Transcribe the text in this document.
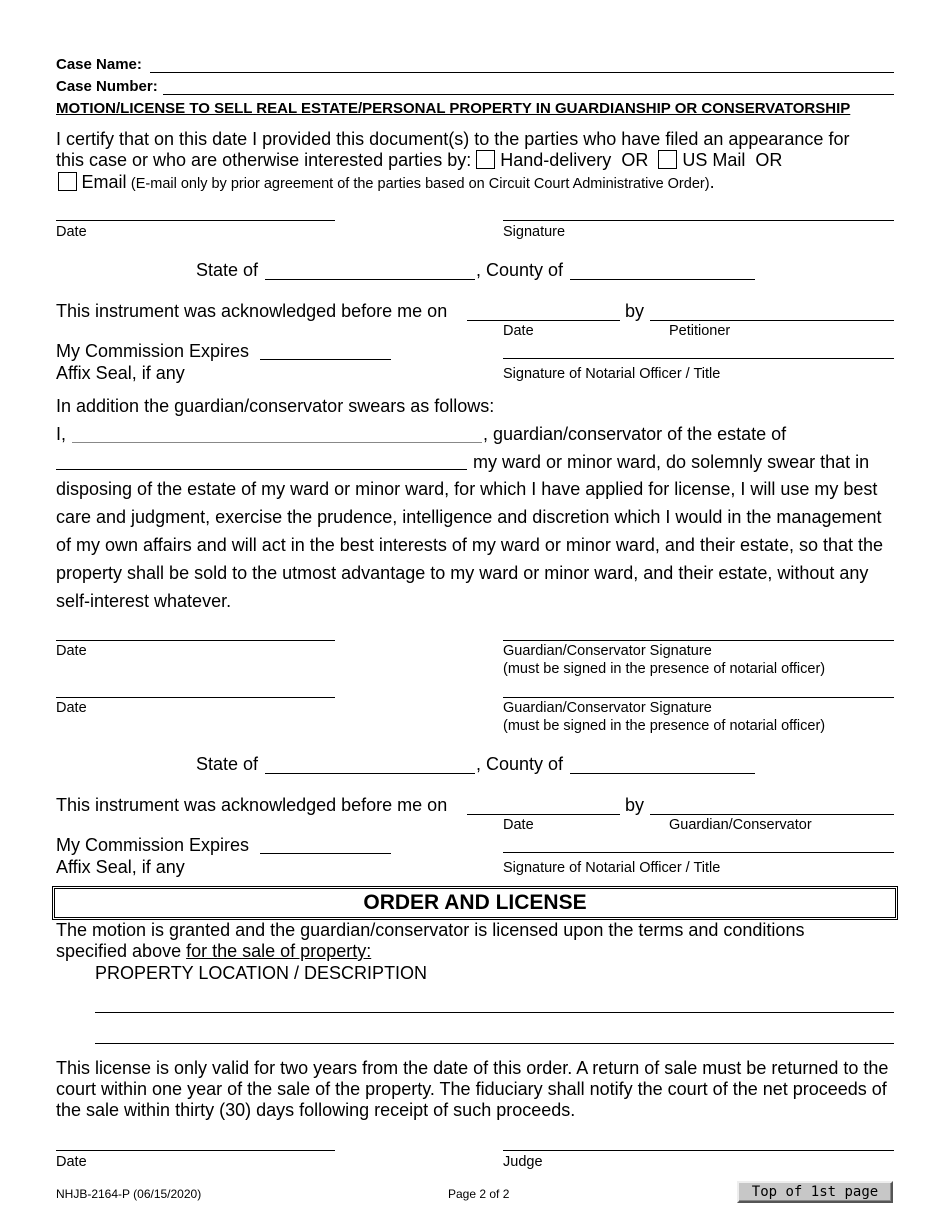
Case Name:
Case Number:
MOTION/LICENSE TO SELL REAL ESTATE/PERSONAL PROPERTY IN GUARDIANSHIP OR CONSERVATORSHIP
I certify that on this date I provided this document(s) to the parties who have filed an appearance for
this case or who are otherwise interested parties by: Hand-delivery OR US Mail OR
Email (E-mail only by prior agreement of the parties based on Circuit Court Administrative Order).
Date	Signature
State of	, County of
This instrument was acknowledged before me on	by
Date	Petitioner
My Commission Expires
Affix Seal, if any	Signature of Notarial Officer / Title
In addition the guardian/conservator swears as follows:
I,	, guardian/conservator of the estate of
my ward or minor ward, do solemnly swear that in
disposing of the estate of my ward or minor ward, for which I have applied for license, I will use my best care and judgment, exercise the prudence, intelligence and discretion which I would in the management of my own affairs and will act in the best interests of my ward or minor ward, and their estate, so that the property shall be sold to the utmost advantage to my ward or minor ward, and their estate, without any self-interest whatever.
Date	Guardian/Conservator Signature
(must be signed in the presence of notarial officer)
Date	Guardian/Conservator Signature
(must be signed in the presence of notarial officer)
State of	, County of
This instrument was acknowledged before me on	by
Date	Guardian/Conservator
My Commission Expires
Affix Seal, if any	Signature of Notarial Officer / Title
ORDER AND LICENSE
The motion is granted and the guardian/conservator is licensed upon the terms and conditions
specified above for the sale of property:
PROPERTY LOCATION / DESCRIPTION
This license is only valid for two years from the date of this order. A return of sale must be returned to the court within one year of the sale of the property. The fiduciary shall notify the court of the net proceeds of the sale within thirty (30) days following receipt of such proceeds.
Date	Judge
NHJB-2164-P (06/15/2020)	Page 2 of 2	Top of 1st page
